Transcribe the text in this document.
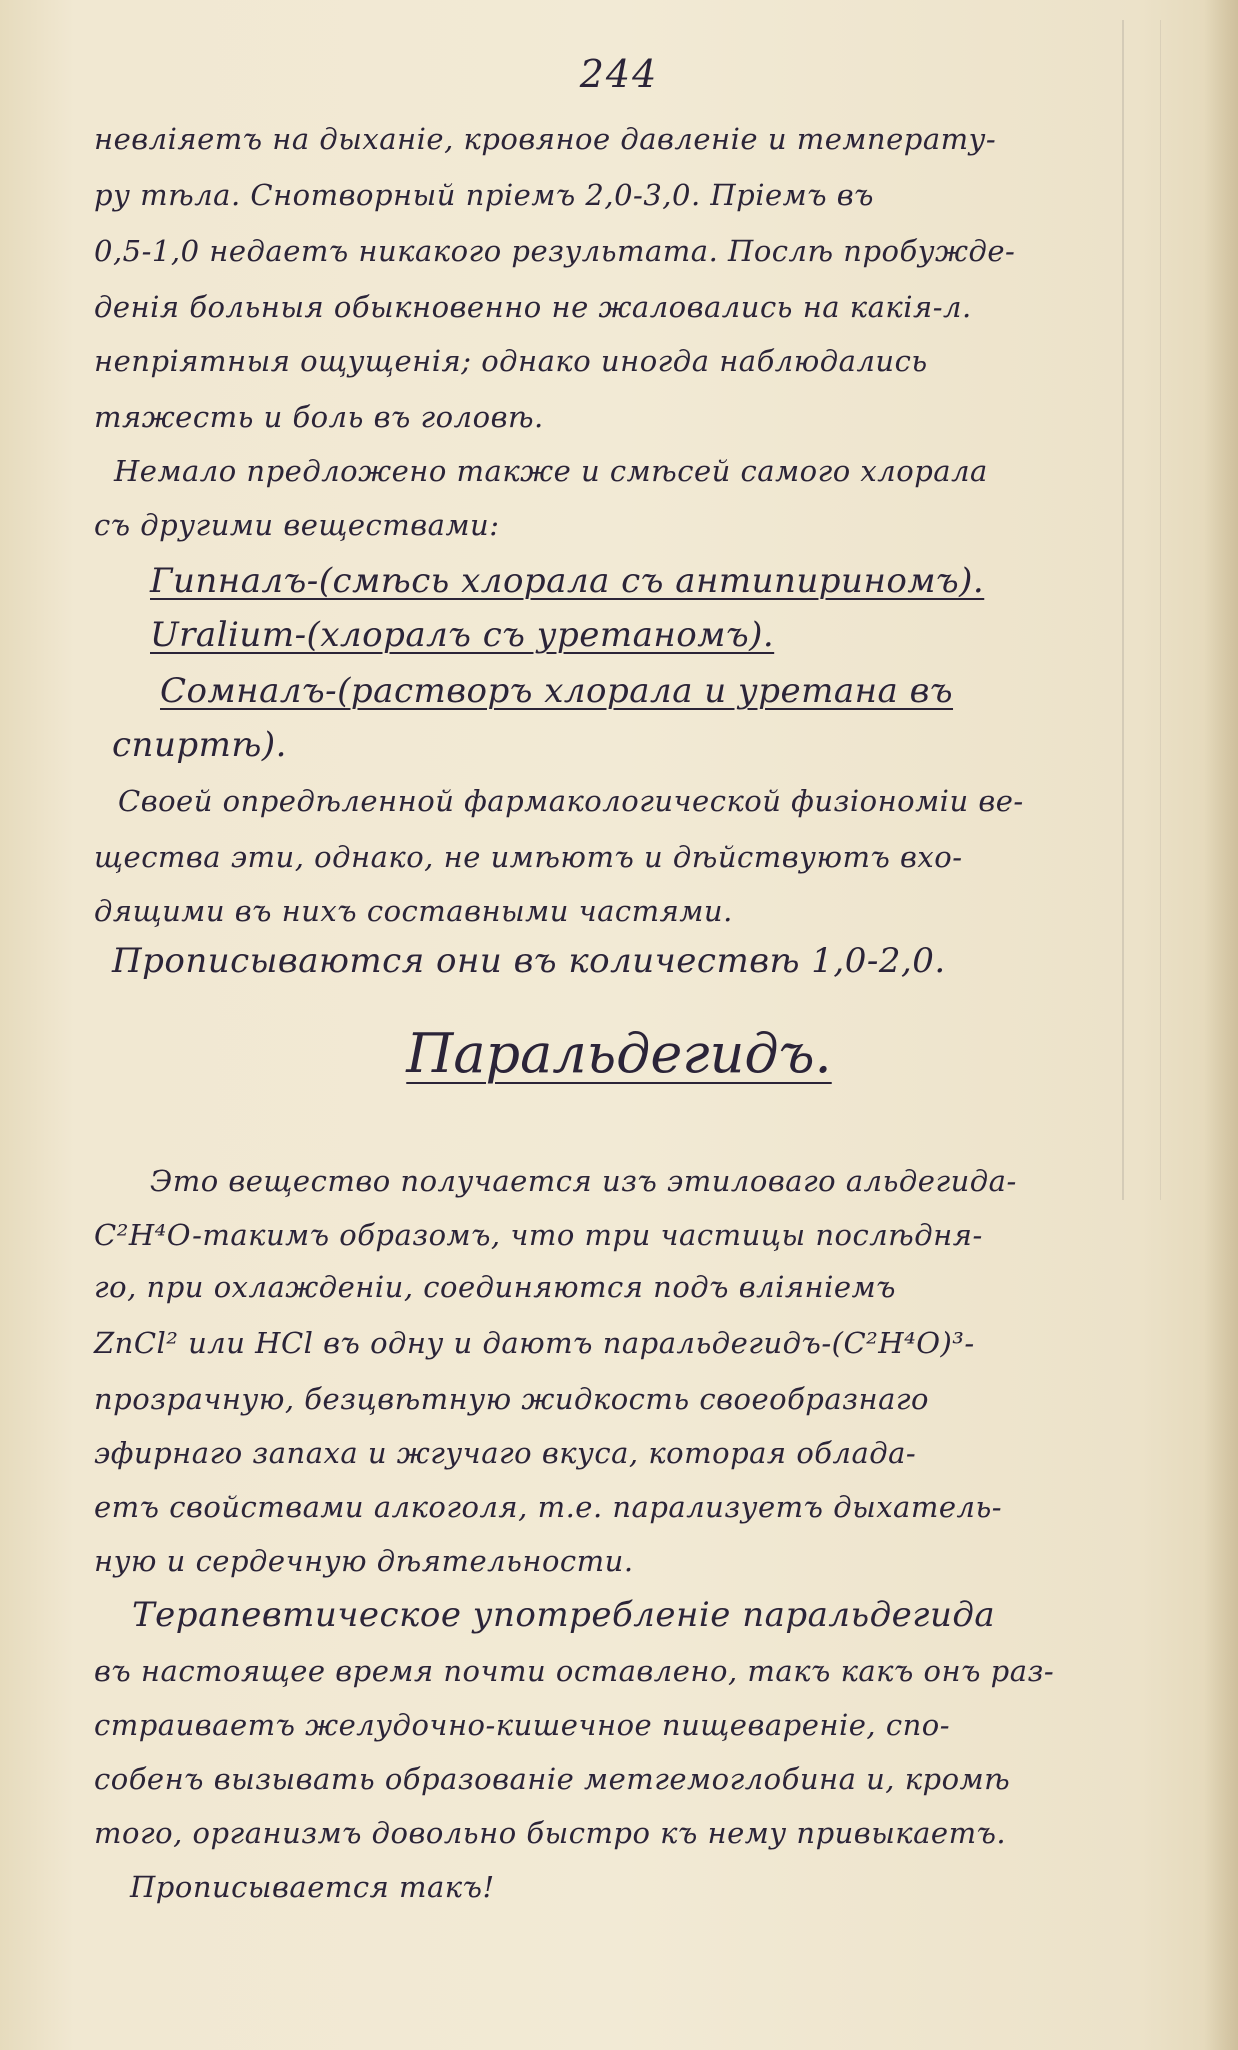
244
невліяетъ на дыханіе, кровяное давленіе и температу-
ру тѣла. Снотворный пріемъ 2,0-3,0. Пріемъ въ
0,5-1,0 недаетъ никакого результата. Послѣ пробужде-
денія больныя обыкновенно не жаловались на какія-л.
непріятныя ощущенія; однако иногда наблюдались
тяжесть и боль въ головѣ.
Немало предложено также и смѣсей самого хлорала
съ другими веществами:
Гипналъ-(смѣсь хлорала съ антипириномъ).
Uralium-(хлоралъ съ уретаномъ).
Сомналъ-(растворъ хлорала и уретана въ
спиртѣ).
Своей опредѣленной фармакологической физіономіи ве-
щества эти, однако, не имѣютъ и дѣйствуютъ вхо-
дящими въ нихъ составными частями.
Прописываются они въ количествѣ 1,0-2,0.
Паральдегидъ.
Это вещество получается изъ этиловаго альдегида-
C²H⁴O-такимъ образомъ, что три частицы послѣдня-
го, при охлажденіи, соединяются подъ вліяніемъ
ZnCl² или HCl въ одну и даютъ паральдегидъ-(C²H⁴O)³-
прозрачную, безцвѣтную жидкость своеобразнаго
эфирнаго запаха и жгучаго вкуса, которая облада-
етъ свойствами алкоголя, т.е. парализуетъ дыхатель-
ную и сердечную дѣятельности.
Терапевтическое употребленіе паральдегида
въ настоящее время почти оставлено, такъ какъ онъ раз-
страиваетъ желудочно-кишечное пищевареніе, спо-
собенъ вызывать образованіе метгемоглобина и, кромѣ
того, организмъ довольно быстро къ нему привыкаетъ.
Прописывается такъ!
